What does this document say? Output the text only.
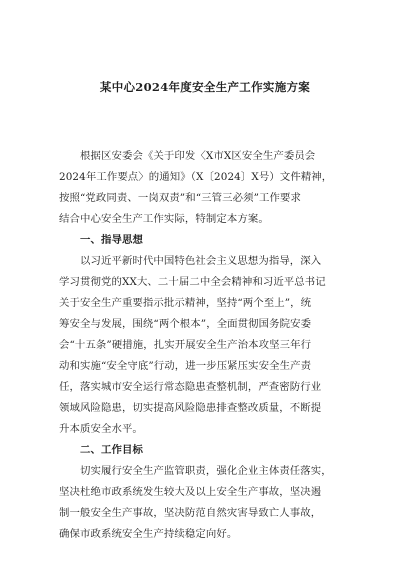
某中心2024年度安全生产工作实施方案
根据区安委会《关于印发〈X市X区安全生产委员会
2024年工作要点〉的通知》（X〔2024〕X号）文件精神，
按照“党政同责、一岗双责”和“三管三必须”工作要求
结合中心安全生产工作实际，特制定本方案。
一、指导思想
以习近平新时代中国特色社会主义思想为指导，深入
学习贯彻党的XX大、二十届二中全会精神和习近平总书记
关于安全生产重要指示批示精神，坚持“两个至上”，统
筹安全与发展，围绕“两个根本”，全面贯彻国务院安委
会“十五条”硬措施，扎实开展安全生产治本攻坚三年行
动和实施“安全守底”行动，进一步压紧压实安全生产责
任，落实城市安全运行常态隐患查整机制，严查密防行业
领域风险隐患，切实提高风险隐患排查整改质量，不断提
升本质安全水平。
二、工作目标
切实履行安全生产监管职责，强化企业主体责任落实，
坚决杜绝市政系统发生较大及以上安全生产事故，坚决遏
制一般安全生产事故，坚决防范自然灾害导致亡人事故，
确保市政系统安全生产持续稳定向好。
